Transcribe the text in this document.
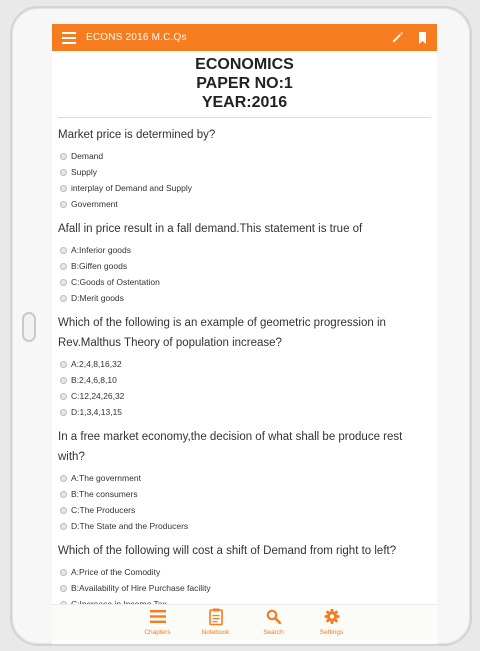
ECONS 2016 M.C.Qs
ECONOMICS
PAPER NO:1
YEAR:2016

Market price is determined by?

Demand
Supply
interplay of Demand and Supply
Government

Afall in price result in a fall demand.This statement is true of

A:Inferior goods
B:Giffen goods
C:Goods of Ostentation
D:Merit goods

Which of the following is an example of geometric progression in Rev.Malthus Theory of population increase?

A:2,4,8,16,32
B:2,4,6,8,10
C:12,24,26,32
D:1,3,4,13,15

In a free market economy,the decision of what shall be produce rest with?

A:The government
B:The consumers
C:The Producers
D:The State and the Producers

Which of the following will cost a shift of Demand from right to left?

A:Price of the Comodity
B:Availability of Hire Purchase facility
Chapters	Notebook	Search	Settings
